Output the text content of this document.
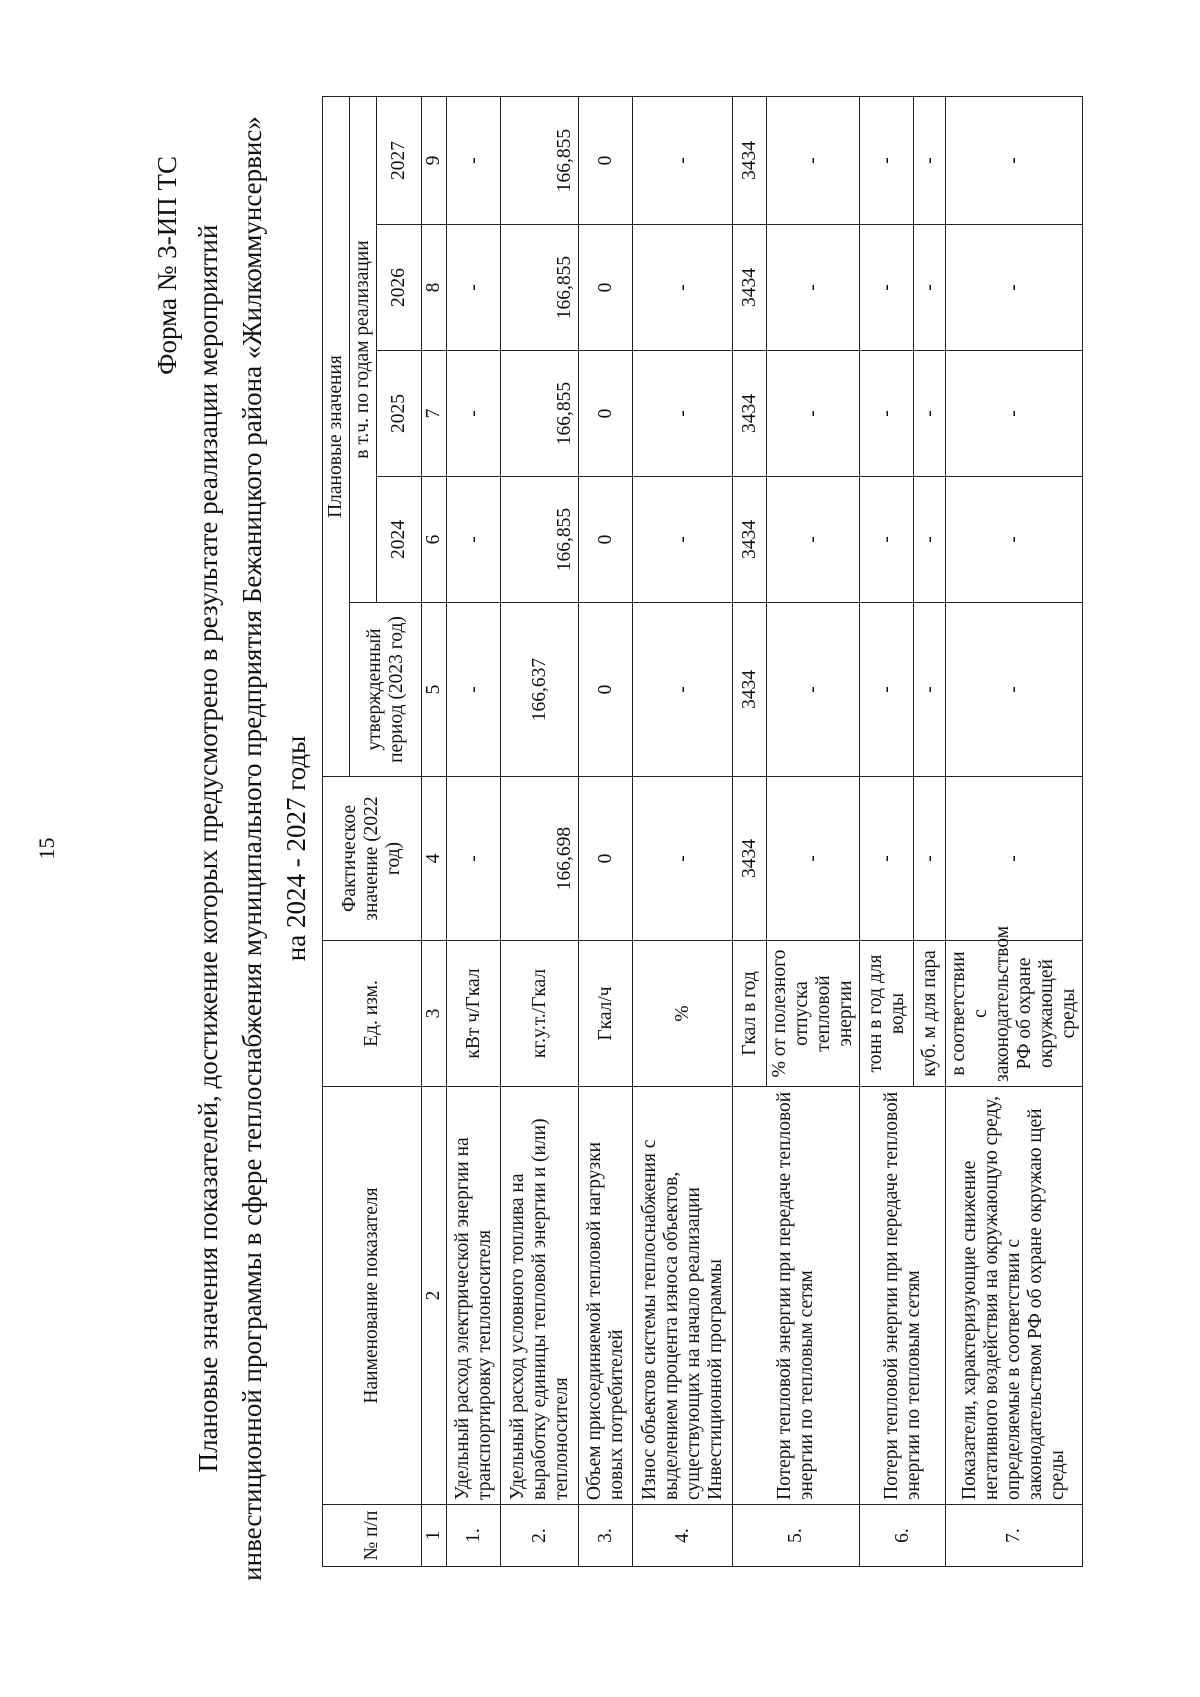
15
Форма № 3-ИП ТС Плановые значения показателей, достижение которых предусмотрено в результате реализации мероприятий инвестиционной программы в сфере теплоснабжения муниципального предприятия Бежаницкого района «Жилкоммунсервис» на 2024 - 2027 годы
№ п/п	Наименование показателя	Ед. изм.	Фактическое значение (2022 год)	Плановые значения				
				утвержденный период (2023 год)	в т.ч. по годам реализации			
					2024	2025	2026	2027
1	2	3	4	5	6	7	8	9
1.	Удельный расход электрической энергии на транспортировку теплоносителя	кВт ч/Гкал	-	-	-	-	-	-
2.	Удельный расход условного топлива на выработку единицы тепловой энергии и (или) теплоносителя	кг.у.т./Гкал	166,698	166,637	166,855	166,855	166,855	166,855
3.	Объем присоединяемой тепловой нагрузки новых потребителей	Гкал/ч	0	0	0	0	0	0
4.	Износ объектов системы теплоснабжения с выделением процента износа объектов, существующих на начало реализации Инвестиционной программы	%	-	-	-	-	-	-
5.	Потери тепловой энергии при передаче тепловой энергии по тепловым сетям	Гкал в год	3434	3434	3434	3434	3434	3434
		% от полезного отпуска тепловой энергии	-	-	-	-	-	-
6.	Потери тепловой энергии при передаче тепловой энергии по тепловым сетям	тонн в год для воды	-	-	-	-	-	-
		куб. м для пара	-	-	-	-	-	-
7.	Показатели, характеризующие снижение негативного воздействия на окружающую среду, определяемые в соответствии с законодательством РФ об охране окружаю щей среды	в соответствии с законодательством РФ об охране окружающей среды	-	-	-	-	-	-
